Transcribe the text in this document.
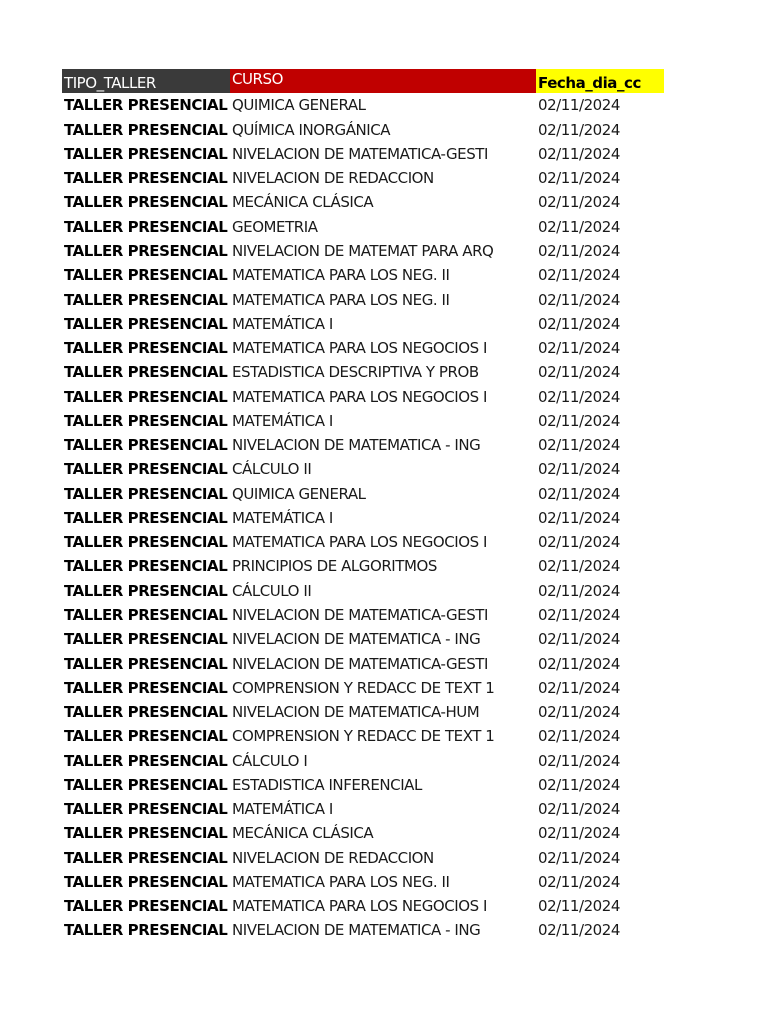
TIPO_TALLER	CURSO	Fecha_dia_cc
TALLER PRESENCIAL QUIMICA GENERAL	02/11/2024
TALLER PRESENCIAL QUÍMICA INORGÁNICA	02/11/2024
TALLER PRESENCIAL NIVELACION DE MATEMATICA-GESTI	02/11/2024
TALLER PRESENCIAL NIVELACION DE REDACCION	02/11/2024
TALLER PRESENCIAL MECÁNICA CLÁSICA	02/11/2024
TALLER PRESENCIAL GEOMETRIA	02/11/2024
TALLER PRESENCIAL NIVELACION DE MATEMAT PARA ARQ	02/11/2024
TALLER PRESENCIAL MATEMATICA PARA LOS NEG. II	02/11/2024
TALLER PRESENCIAL MATEMATICA PARA LOS NEG. II	02/11/2024
TALLER PRESENCIAL MATEMÁTICA I	02/11/2024
TALLER PRESENCIAL MATEMATICA PARA LOS NEGOCIOS I	02/11/2024
TALLER PRESENCIAL ESTADISTICA DESCRIPTIVA Y PROB	02/11/2024
TALLER PRESENCIAL MATEMATICA PARA LOS NEGOCIOS I	02/11/2024
TALLER PRESENCIAL MATEMÁTICA I	02/11/2024
TALLER PRESENCIAL NIVELACION DE MATEMATICA - ING	02/11/2024
TALLER PRESENCIAL CÁLCULO II	02/11/2024
TALLER PRESENCIAL QUIMICA GENERAL	02/11/2024
TALLER PRESENCIAL MATEMÁTICA I	02/11/2024
TALLER PRESENCIAL MATEMATICA PARA LOS NEGOCIOS I	02/11/2024
TALLER PRESENCIAL PRINCIPIOS DE ALGORITMOS	02/11/2024
TALLER PRESENCIAL CÁLCULO II	02/11/2024
TALLER PRESENCIAL NIVELACION DE MATEMATICA-GESTI	02/11/2024
TALLER PRESENCIAL NIVELACION DE MATEMATICA - ING	02/11/2024
TALLER PRESENCIAL NIVELACION DE MATEMATICA-GESTI	02/11/2024
TALLER PRESENCIAL COMPRENSION Y REDACC DE TEXT 1	02/11/2024
TALLER PRESENCIAL NIVELACION DE MATEMATICA-HUM	02/11/2024
TALLER PRESENCIAL COMPRENSION Y REDACC DE TEXT 1	02/11/2024
TALLER PRESENCIAL CÁLCULO I	02/11/2024
TALLER PRESENCIAL ESTADISTICA INFERENCIAL	02/11/2024
TALLER PRESENCIAL MATEMÁTICA I	02/11/2024
TALLER PRESENCIAL MECÁNICA CLÁSICA	02/11/2024
TALLER PRESENCIAL NIVELACION DE REDACCION	02/11/2024
TALLER PRESENCIAL MATEMATICA PARA LOS NEG. II	02/11/2024
TALLER PRESENCIAL MATEMATICA PARA LOS NEGOCIOS I	02/11/2024
TALLER PRESENCIAL NIVELACION DE MATEMATICA - ING	02/11/2024
